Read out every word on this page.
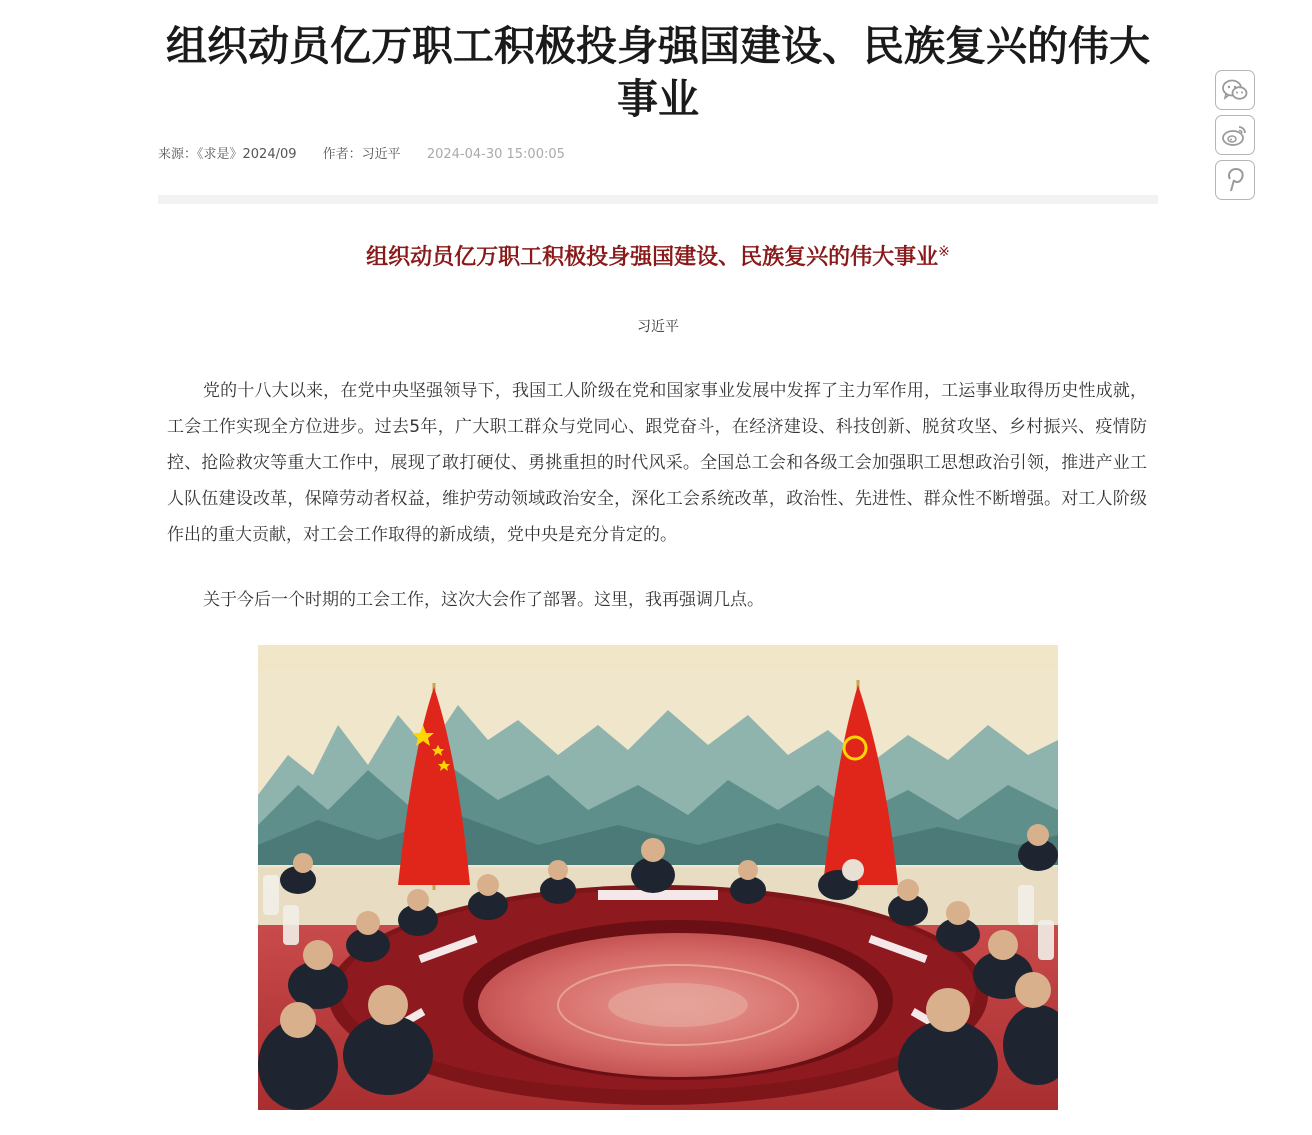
组织动员亿万职工积极投身强国建设、民族复兴的伟大事业
来源：《求是》2024/09 作者：习近平 2024-04-30 15:00:05
组织动员亿万职工积极投身强国建设、民族复兴的伟大事业※
习近平

党的十八大以来，在党中央坚强领导下，我国工人阶级在党和国家事业发展中发挥了主力军作用，工运事业取得历史性成就，工会工作实现全方位进步。过去5年，广大职工群众与党同心、跟党奋斗，在经济建设、科技创新、脱贫攻坚、乡村振兴、疫情防控、抢险救灾等重大工作中，展现了敢打硬仗、勇挑重担的时代风采。全国总工会和各级工会加强职工思想政治引领，推进产业工人队伍建设改革，保障劳动者权益，维护劳动领域政治安全，深化工会系统改革，政治性、先进性、群众性不断增强。对工人阶级作出的重大贡献，对工会工作取得的新成绩，党中央是充分肯定的。

关于今后一个时期的工会工作，这次大会作了部署。这里，我再强调几点。
